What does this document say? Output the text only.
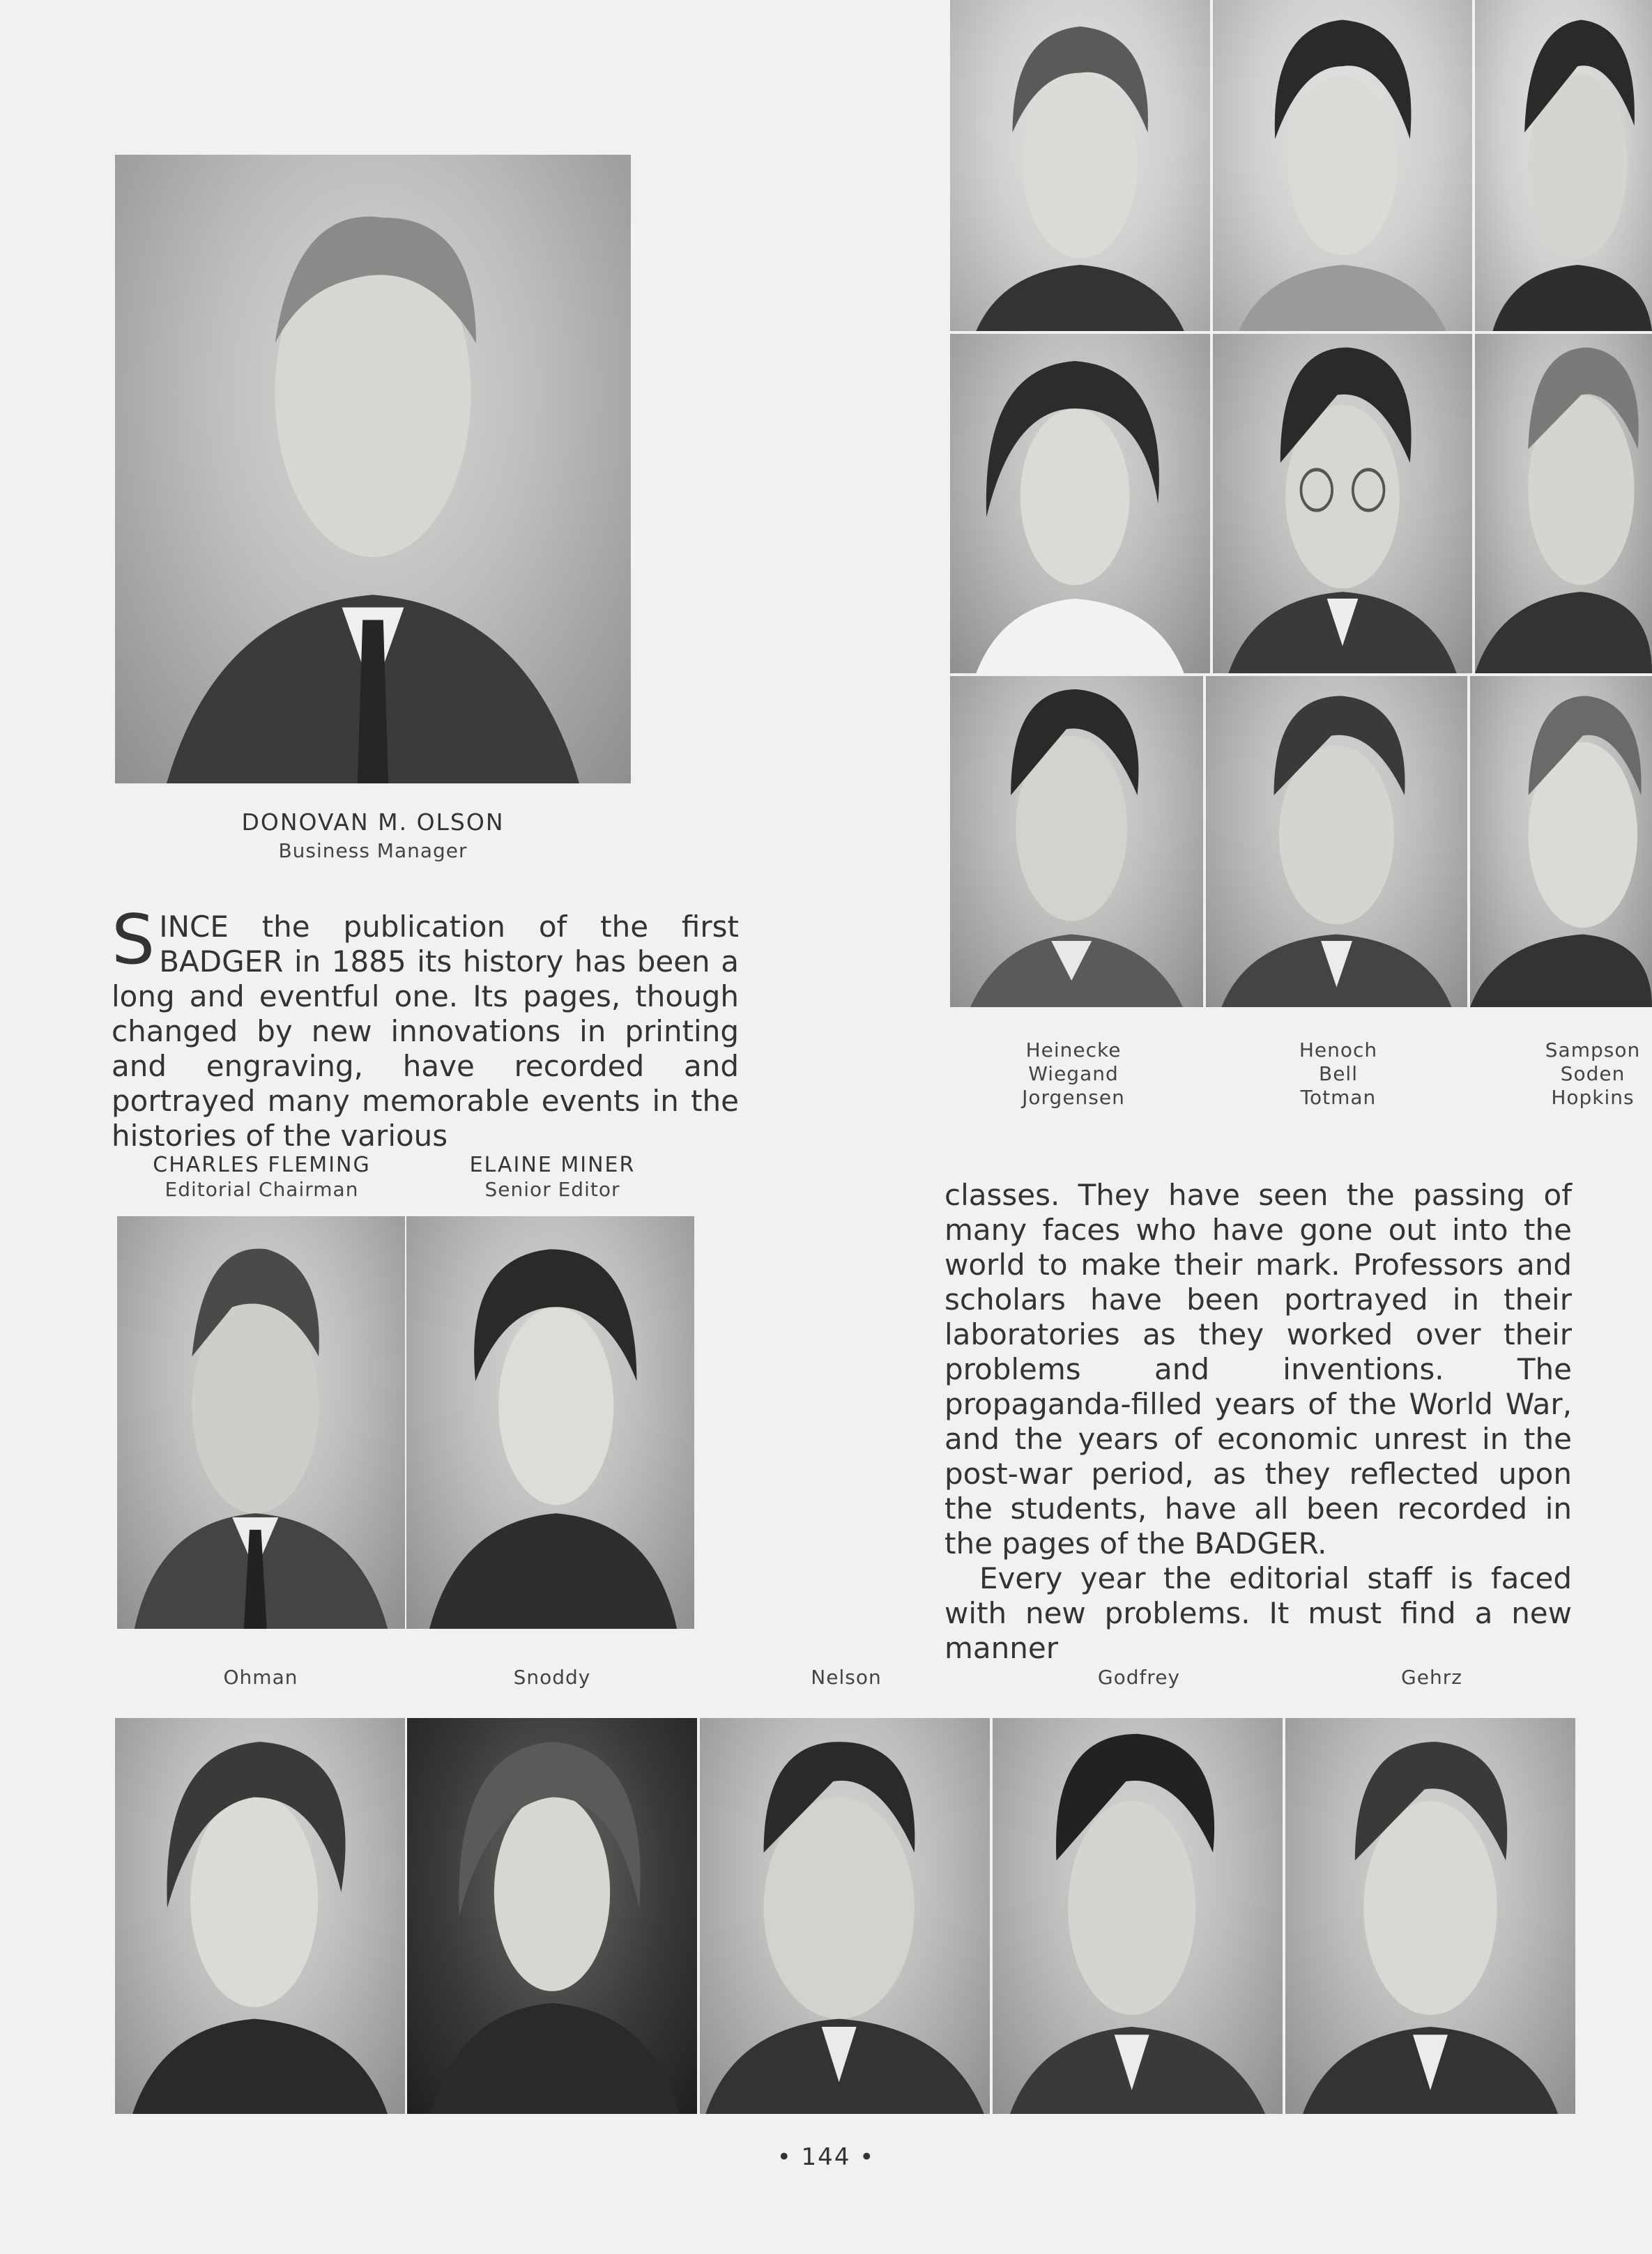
DONOVAN M. OLSON
Business Manager
SINCE the publication of the first BADGER in 1885 its history has been a long and eventful one. Its pages, though changed by new innovations in printing and engraving, have recorded and portrayed many memorable events in the histories of the various
CHARLES FLEMING
Editorial Chairman
ELAINE MINER
Senior Editor
Heinecke
Wiegand
Jorgensen
Henoch
Bell
Totman
Sampson
Soden
Hopkins

classes. They have seen the passing of many faces who have gone out into the world to make their mark. Professors and scholars have been portrayed in their laboratories as they worked over their problems and inventions. The propaganda-filled years of the World War, and the years of economic unrest in the post-war period, as they reflected upon the students, have all been recorded in the pages of the BADGER.

Every year the editorial staff is faced with new problems. It must find a new manner

Ohman	Snoddy	Nelson	Godfrey	Gehrz
• 144 •
